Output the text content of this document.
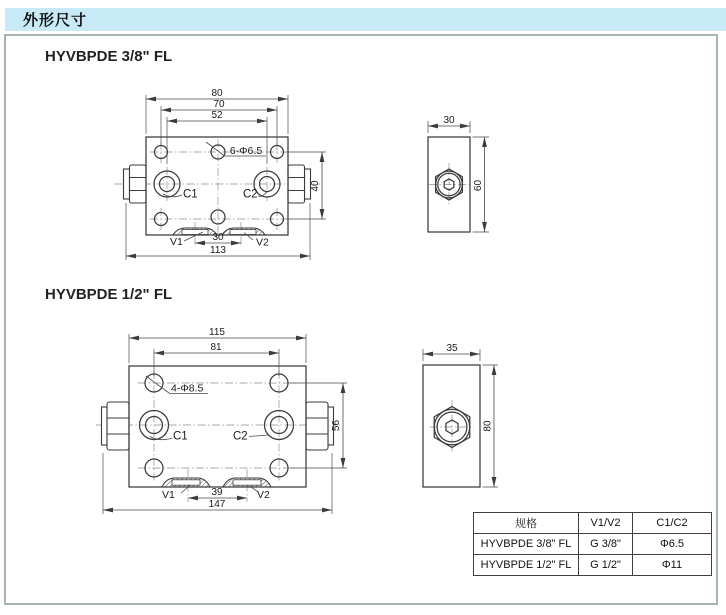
外形尺寸
HYVBPDE 3/8" FL
HYVBPDE 1/2" FL
80
70
52
6-Φ6.5
C1	C2
40
V1	30	V2
113
30
60
115
81
4-Φ8.5
C1	C2
56
V1	39	V2
147
35
80
规格	V1/V2	C1/C2
HYVBPDE 3/8" FL	G 3/8"	Φ6.5
HYVBPDE 1/2" FL	G 1/2"	Φ11
